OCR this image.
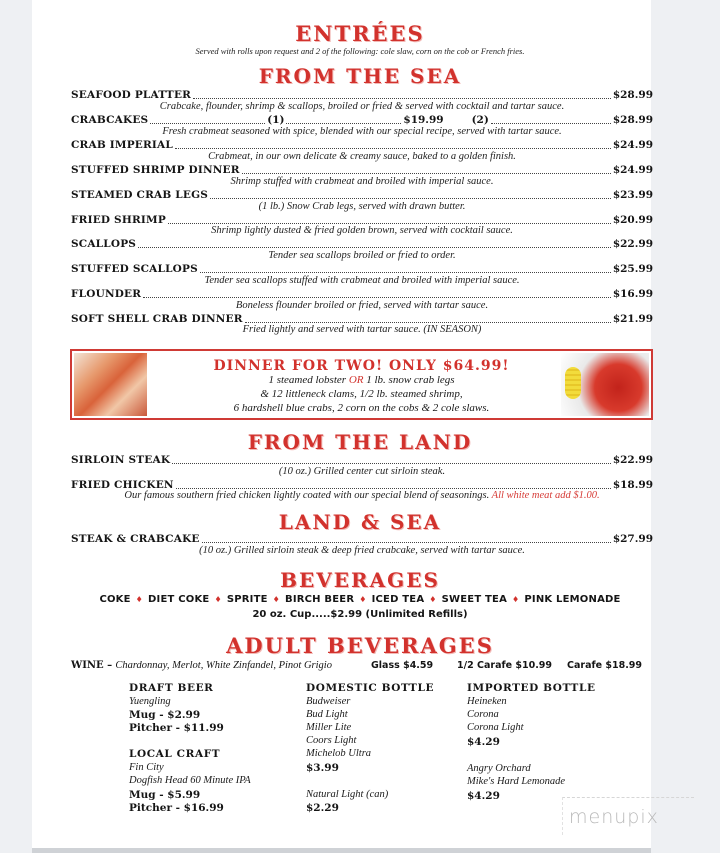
ENTRÉES
Served with rolls upon request and 2 of the following: cole slaw, corn on the cob or French fries.
FROM THE SEA
SEAFOOD PLATTER	$28.99
Crabcake, flounder, shrimp & scallops, broiled or fried & served with cocktail and tartar sauce.
CRABCAKES	(1)	$19.99	(2)	$28.99
Fresh crabmeat seasoned with spice, blended with our special recipe, served with tartar sauce.
CRAB IMPERIAL	$24.99
Crabmeat, in our own delicate & creamy sauce, baked to a golden finish.
STUFFED SHRIMP DINNER	$24.99
Shrimp stuffed with crabmeat and broiled with imperial sauce.
STEAMED CRAB LEGS	$23.99
(1 lb.) Snow Crab legs, served with drawn butter.
FRIED SHRIMP	$20.99
Shrimp lightly dusted & fried golden brown, served with cocktail sauce.
SCALLOPS	$22.99
Tender sea scallops broiled or fried to order.
STUFFED SCALLOPS	$25.99
Tender sea scallops stuffed with crabmeat and broiled with imperial sauce.
FLOUNDER	$16.99
Boneless flounder broiled or fried, served with tartar sauce.
SOFT SHELL CRAB DINNER	$21.99
Fried lightly and served with tartar sauce. (IN SEASON)
DINNER FOR TWO! ONLY $64.99!
1 steamed lobster OR 1 lb. snow crab legs
& 12 littleneck clams, 1/2 lb. steamed shrimp,
6 hardshell blue crabs, 2 corn on the cobs & 2 cole slaws.
FROM THE LAND
SIRLOIN STEAK	$22.99
(10 oz.) Grilled center cut sirloin steak.
FRIED CHICKEN	$18.99
Our famous southern fried chicken lightly coated with our special blend of seasonings. All white meat add $1.00.
LAND & SEA
STEAK & CRABCAKE	$27.99
(10 oz.) Grilled sirloin steak & deep fried crabcake, served with tartar sauce.
BEVERAGES
COKE ♦ DIET COKE ♦ SPRITE ♦ BIRCH BEER ♦ ICED TEA ♦ SWEET TEA ♦ PINK LEMONADE
20 oz. Cup.....$2.99 (Unlimited Refills)
ADULT BEVERAGES
WINE – Chardonnay, Merlot, White Zinfandel, Pinot Grigio	Glass $4.59	1/2 Carafe $10.99 Carafe $18.99
DRAFT BEER
Yuengling
Mug - $2.99
Pitcher - $11.99
LOCAL CRAFT
Fin City
Dogfish Head 60 Minute IPA
Mug - $5.99
Pitcher - $16.99
DOMESTIC BOTTLE
Budweiser
Bud Light
Miller Lite
Coors Light
Michelob Ultra
$3.99
Natural Light (can)
$2.29
IMPORTED BOTTLE
Heineken
Corona
Corona Light
$4.29
Angry Orchard
Mike's Hard Lemonade
$4.29
menupix
